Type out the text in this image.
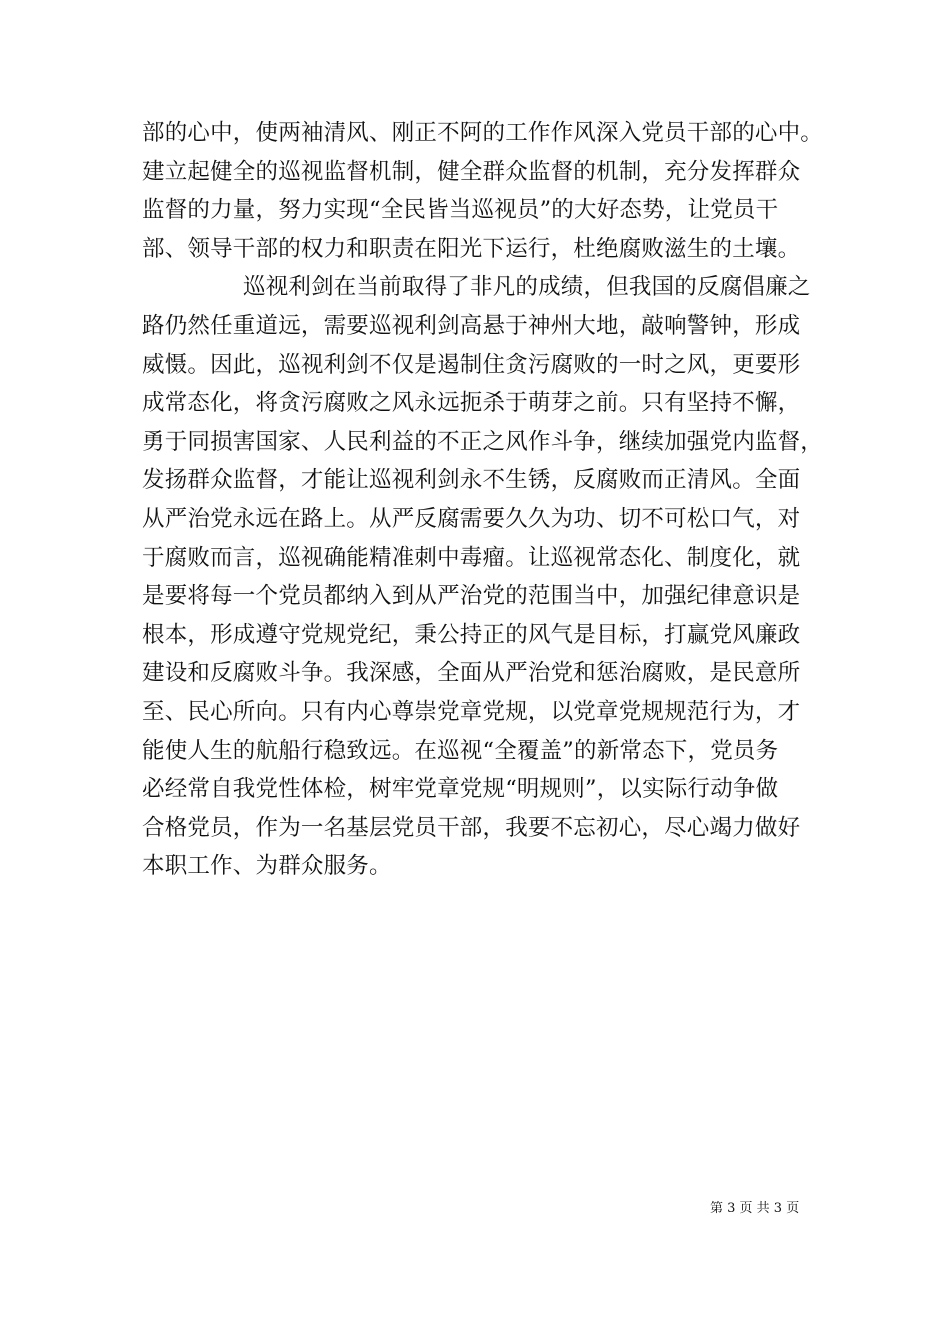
部的心中，使两袖清风、刚正不阿的工作作风深入党员干部的心中。
建立起健全的巡视监督机制，健全群众监督的机制，充分发挥群众
监督的力量，努力实现“全民皆当巡视员”的大好态势，让党员干
部、领导干部的权力和职责在阳光下运行，杜绝腐败滋生的土壤。
巡视利剑在当前取得了非凡的成绩，但我国的反腐倡廉之
路仍然任重道远，需要巡视利剑高悬于神州大地，敲响警钟，形成
威慑。因此，巡视利剑不仅是遏制住贪污腐败的一时之风，更要形
成常态化，将贪污腐败之风永远扼杀于萌芽之前。只有坚持不懈，
勇于同损害国家、人民利益的不正之风作斗争，继续加强党内监督，
发扬群众监督，才能让巡视利剑永不生锈，反腐败而正清风。全面
从严治党永远在路上。从严反腐需要久久为功、切不可松口气，对
于腐败而言，巡视确能精准刺中毒瘤。让巡视常态化、制度化，就
是要将每一个党员都纳入到从严治党的范围当中，加强纪律意识是
根本，形成遵守党规党纪，秉公持正的风气是目标，打赢党风廉政
建设和反腐败斗争。我深感，全面从严治党和惩治腐败，是民意所
至、民心所向。只有内心尊崇党章党规，以党章党规规范行为，才
能使人生的航船行稳致远。在巡视“全覆盖”的新常态下，党员务
必经常自我党性体检，树牢党章党规“明规则”，以实际行动争做
合格党员，作为一名基层党员干部，我要不忘初心，尽心竭力做好
本职工作、为群众服务。
第 3 页 共 3 页
